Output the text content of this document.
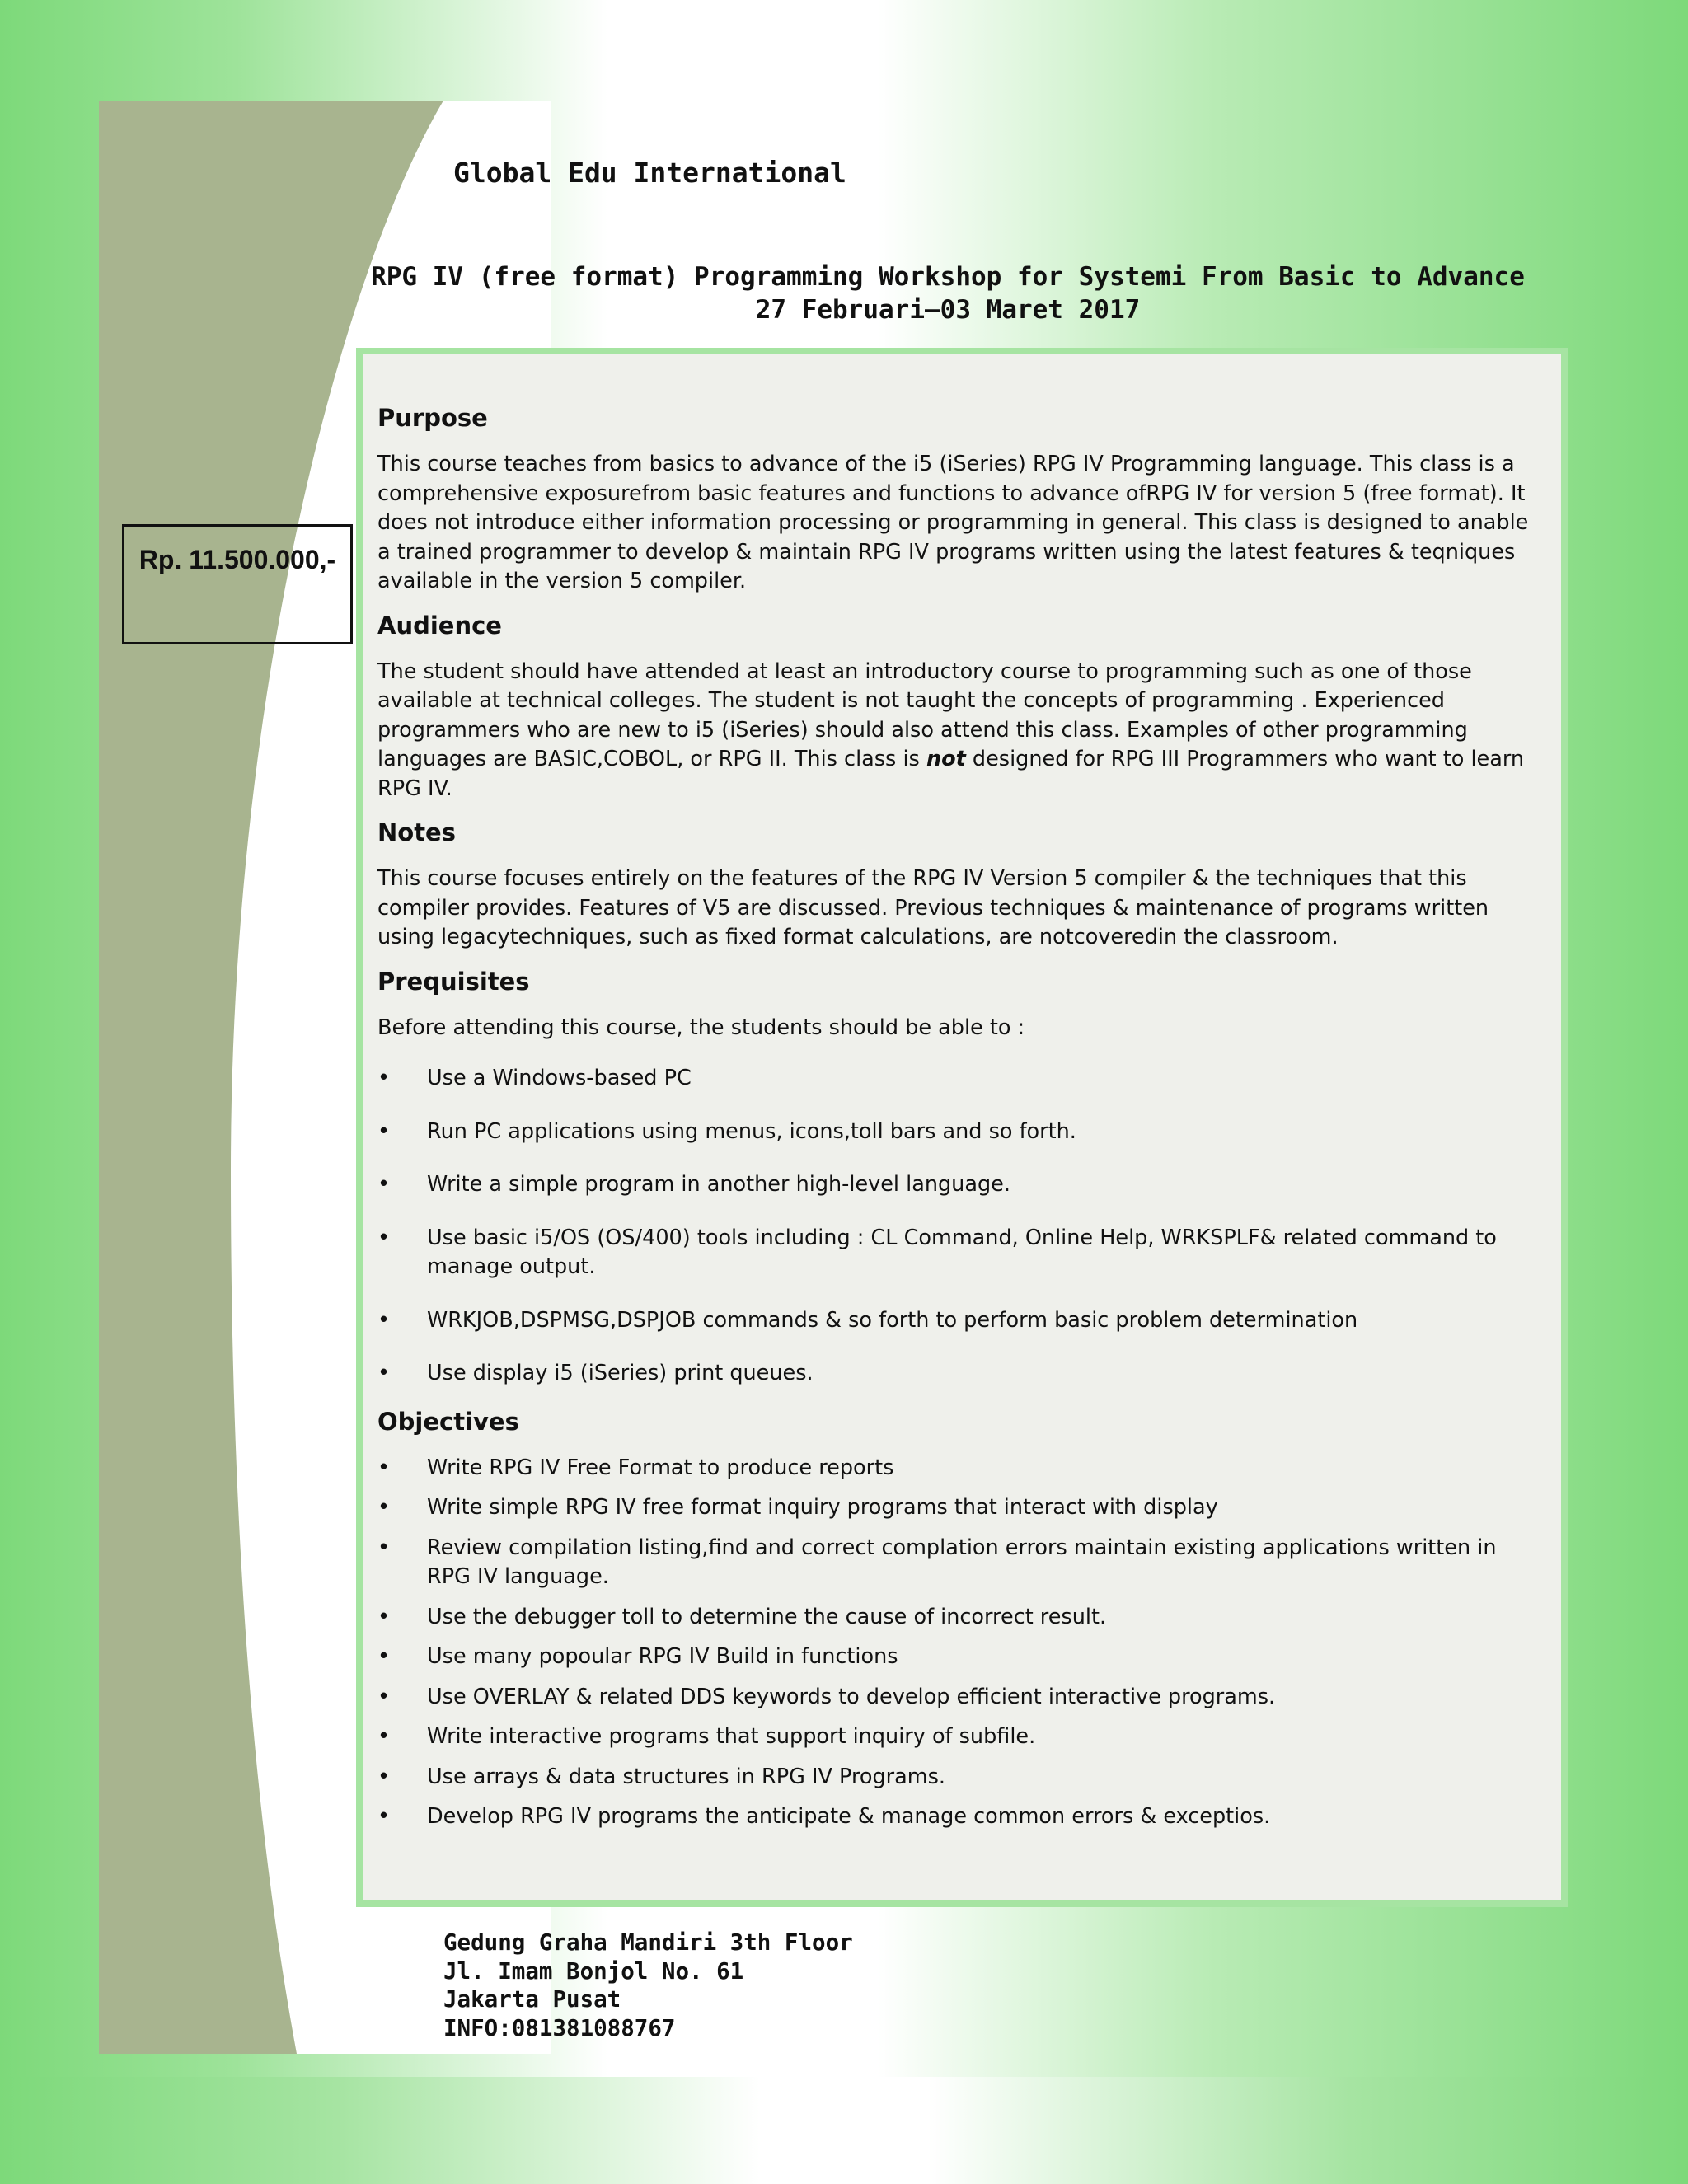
Global Edu International
RPG IV (free format) Programming Workshop for Systemi From Basic to Advance
27 Februari–03 Maret 2017
Rp. 11.500.000,-
Purpose

This course teaches from basics to advance of the i5 (iSeries) RPG IV Programming language. This class is a comprehensive exposurefrom basic features and functions to advance ofRPG IV for version 5 (free format). It does not introduce either information processing or programming in general. This class is designed to anable a trained programmer to develop & maintain RPG IV programs written using the latest features & teqniques available in the version 5 compiler.

Audience

The student should have attended at least an introductory course to programming such as one of those available at technical colleges. The student is not taught the concepts of programming . Experienced programmers who are new to i5 (iSeries) should also attend this class. Examples of other programming languages are BASIC,COBOL, or RPG II. This class is not designed for RPG III Programmers who want to learn RPG IV.

Notes

This course focuses entirely on the features of the RPG IV Version 5 compiler & the techniques that this compiler provides. Features of V5 are discussed. Previous techniques & maintenance of programs written using legacytechniques, such as fixed format calculations, are notcoveredin the classroom.

Prequisites

Before attending this course, the students should be able to :

• Use a Windows-based PC
• Run PC applications using menus, icons,toll bars and so forth.
• Write a simple program in another high-level language.
• Use basic i5/OS (OS/400) tools including : CL Command, Online Help, WRKSPLF& related command to manage output.
• WRKJOB,DSPMSG,DSPJOB commands & so forth to perform basic problem determination
• Use display i5 (iSeries) print queues.
Objectives
• Write RPG IV Free Format to produce reports
• Write simple RPG IV free format inquiry programs that interact with display
• Review compilation listing,find and correct complation errors maintain existing applications written in RPG IV language.
• Use the debugger toll to determine the cause of incorrect result.
• Use many popoular RPG IV Build in functions
• Use OVERLAY & related DDS keywords to develop efficient interactive programs.
• Write interactive programs that support inquiry of subfile.
• Use arrays & data structures in RPG IV Programs.
• Develop RPG IV programs the anticipate & manage common errors & exceptios.
Gedung Graha Mandiri 3th Floor
Jl. Imam Bonjol No. 61
Jakarta Pusat
INFO:081381088767
